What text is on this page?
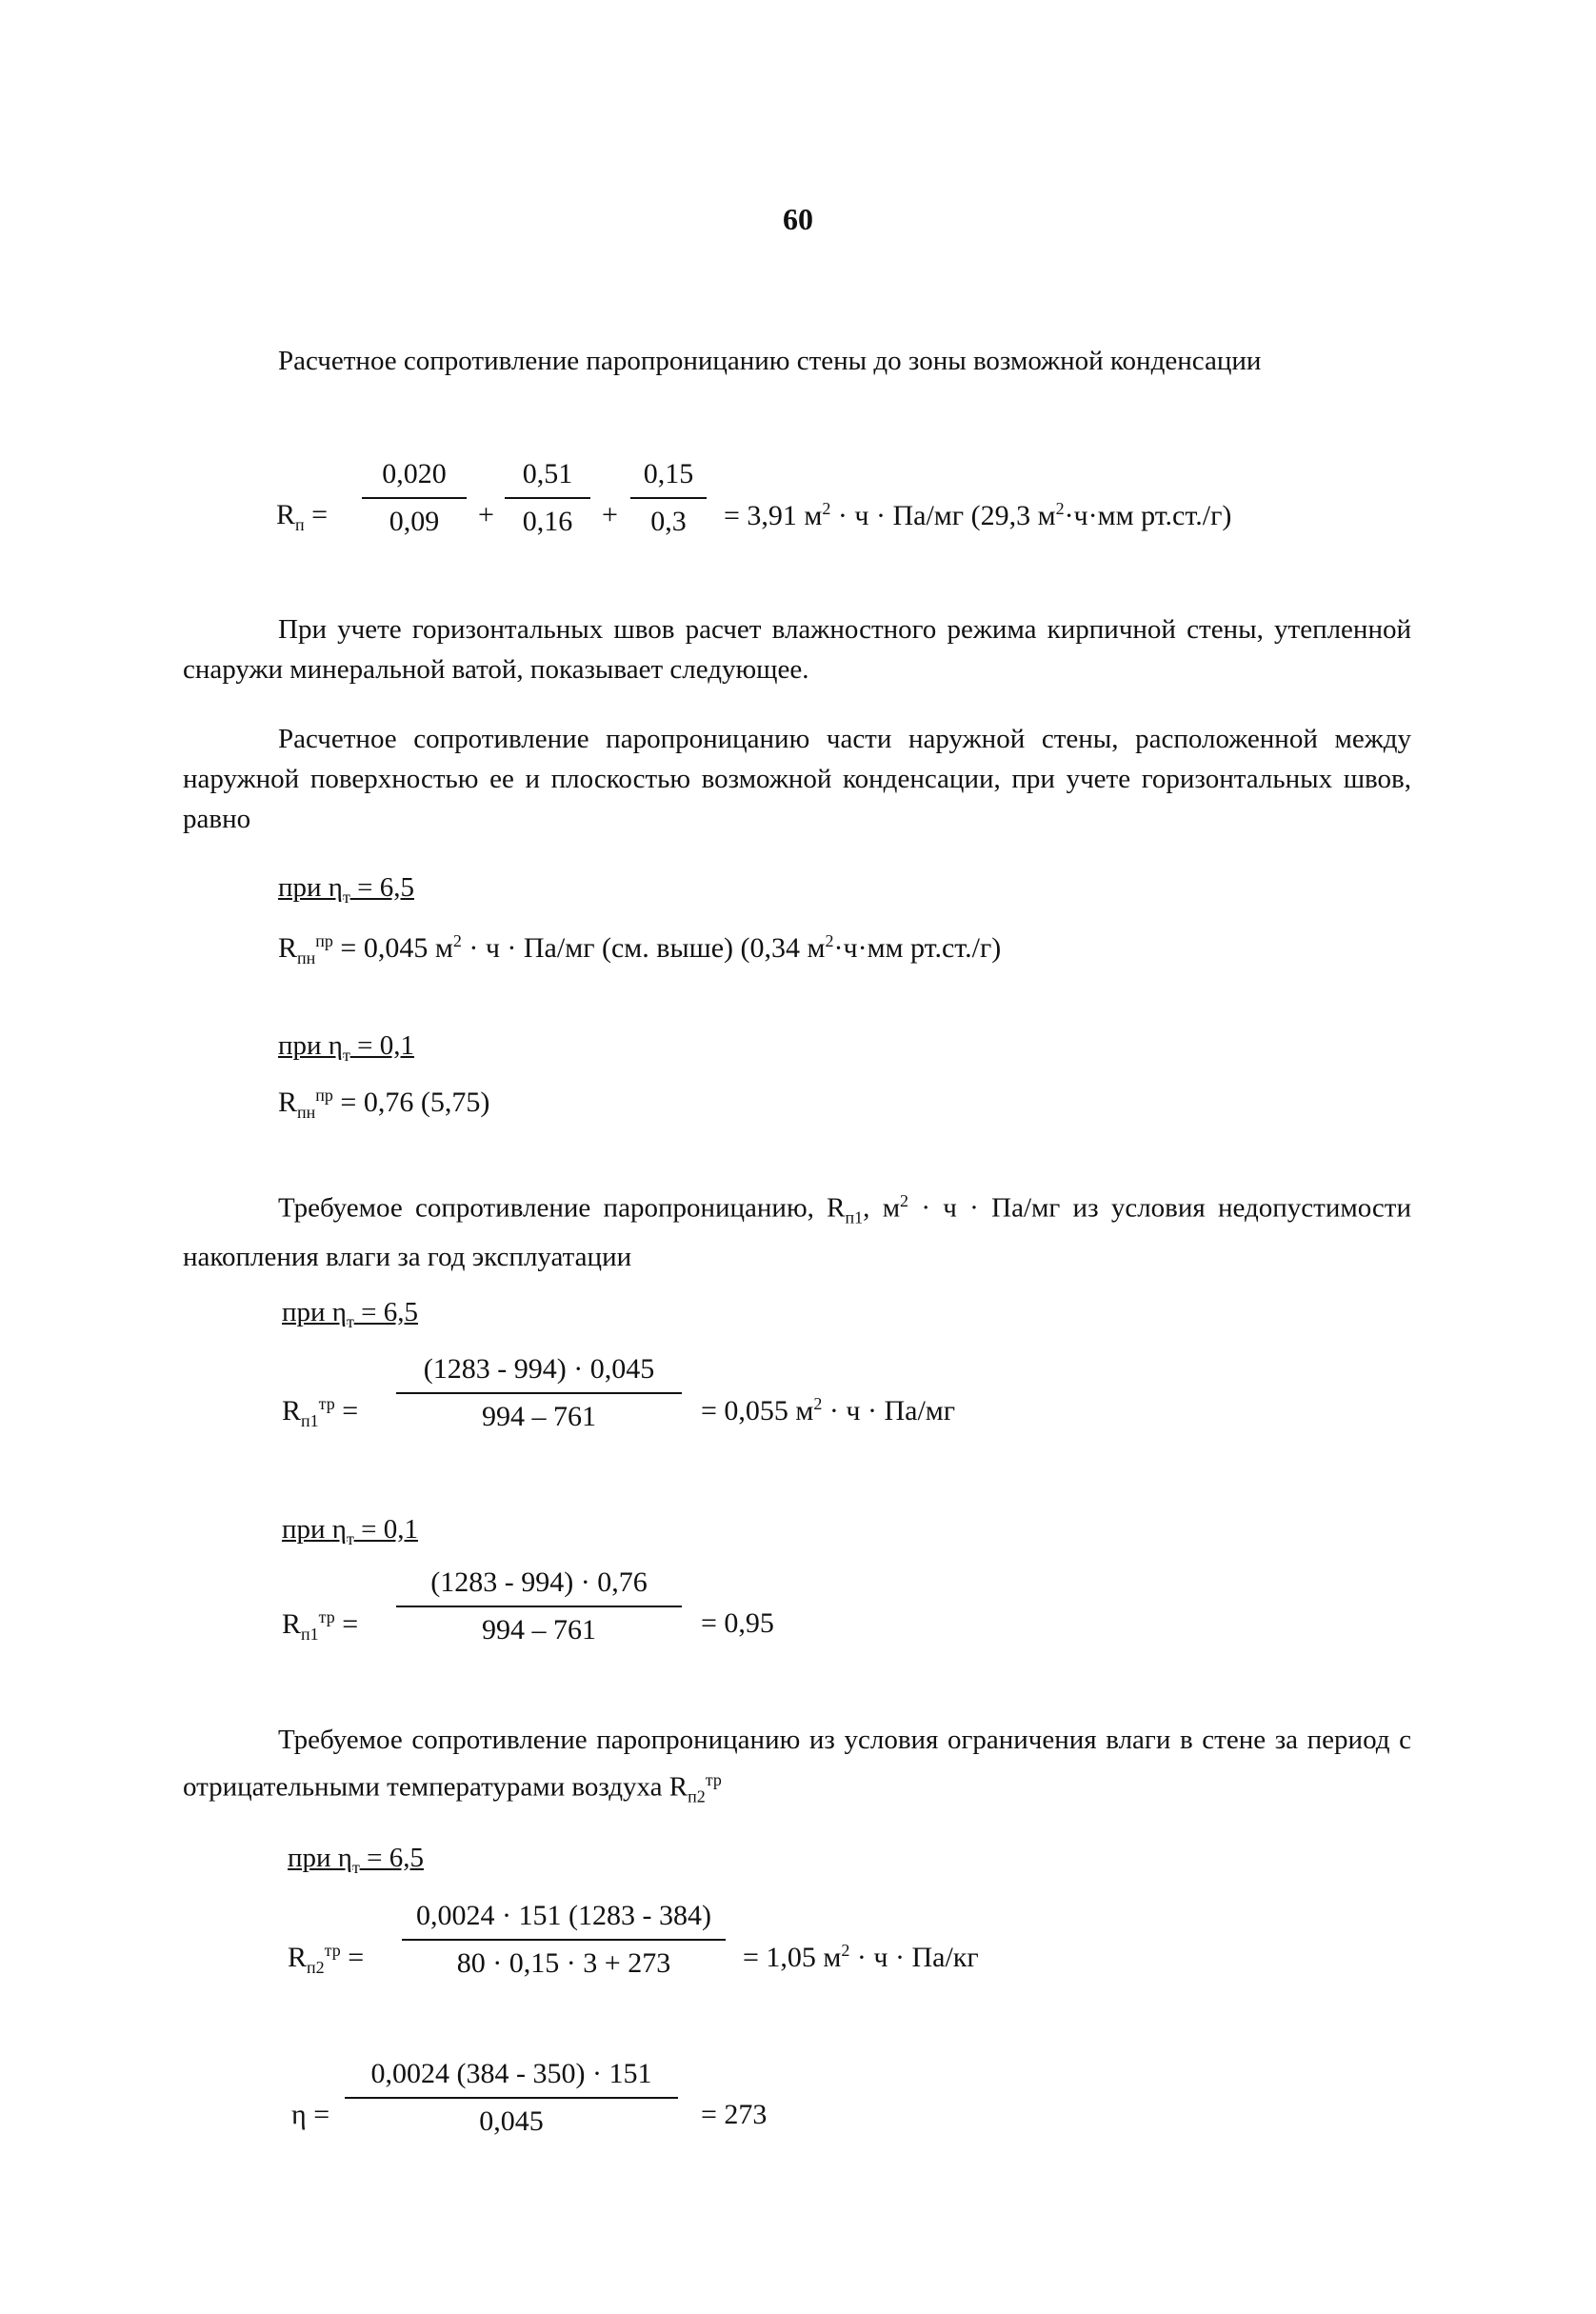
60
Расчетное сопротивление паропроницанию стены до зоны возможной конденсации
$R_п$ =
0,020
0,09	+
0,51
0,16	+
0,15
0,3	= 3,91 $м^2 \cdot ч \cdot Па/мг$ (29,3 $м^2\cdot ч\cdot мм$ рт.ст./г)
При учете горизонтальных швов расчет влажностного режима кирпичной стены, утепленной снаружи минеральной ватой, показывает следующее.
Расчетное сопротивление паропроницанию части наружной стены, расположенной между наружной поверхностью ее и плоскостью возможной конденсации, при учете горизонтальных швов, равно
при $\eta_т = 6,5$
$R_{пн}^{пр} = 0,045$ $м^2 \cdot ч \cdot Па/мг$ (см. выше) (0,34 $м^2\cdot ч\cdot мм$ рт.ст./г)
при $\eta_т = 0,1$
$R_{пн}^{пр} = 0,76$ (5,75)
Требуемое сопротивление паропроницанию, $R_{п1}$, $м^2 \cdot ч \cdot Па/мг$ из условия недопустимости накопления влаги за год эксплуатации
при $\eta_т = 6,5$
$R_{п1}^{тр}$ =
(1283 - 994) · 0,045
994 – 761	= 0,055 $м^2 \cdot ч \cdot Па/мг$
при $\eta_т = 0,1$
$R_{п1}^{тр}$ =
(1283 - 994) · 0,76
994 – 761	= 0,95
Требуемое сопротивление паропроницанию из условия ограничения влаги в стене за период с отрицательными температурами воздуха $R_{п2}^{тр}$
при $\eta_т = 6,5$
$R_{п2}^{тр}$ =
0,0024 · 151 (1283 - 384)
80 · 0,15 · 3 + 273	= 1,05 $м^2 \cdot ч \cdot Па/кг$
η =
0,0024 (384 - 350) · 151
0,045	= 273
